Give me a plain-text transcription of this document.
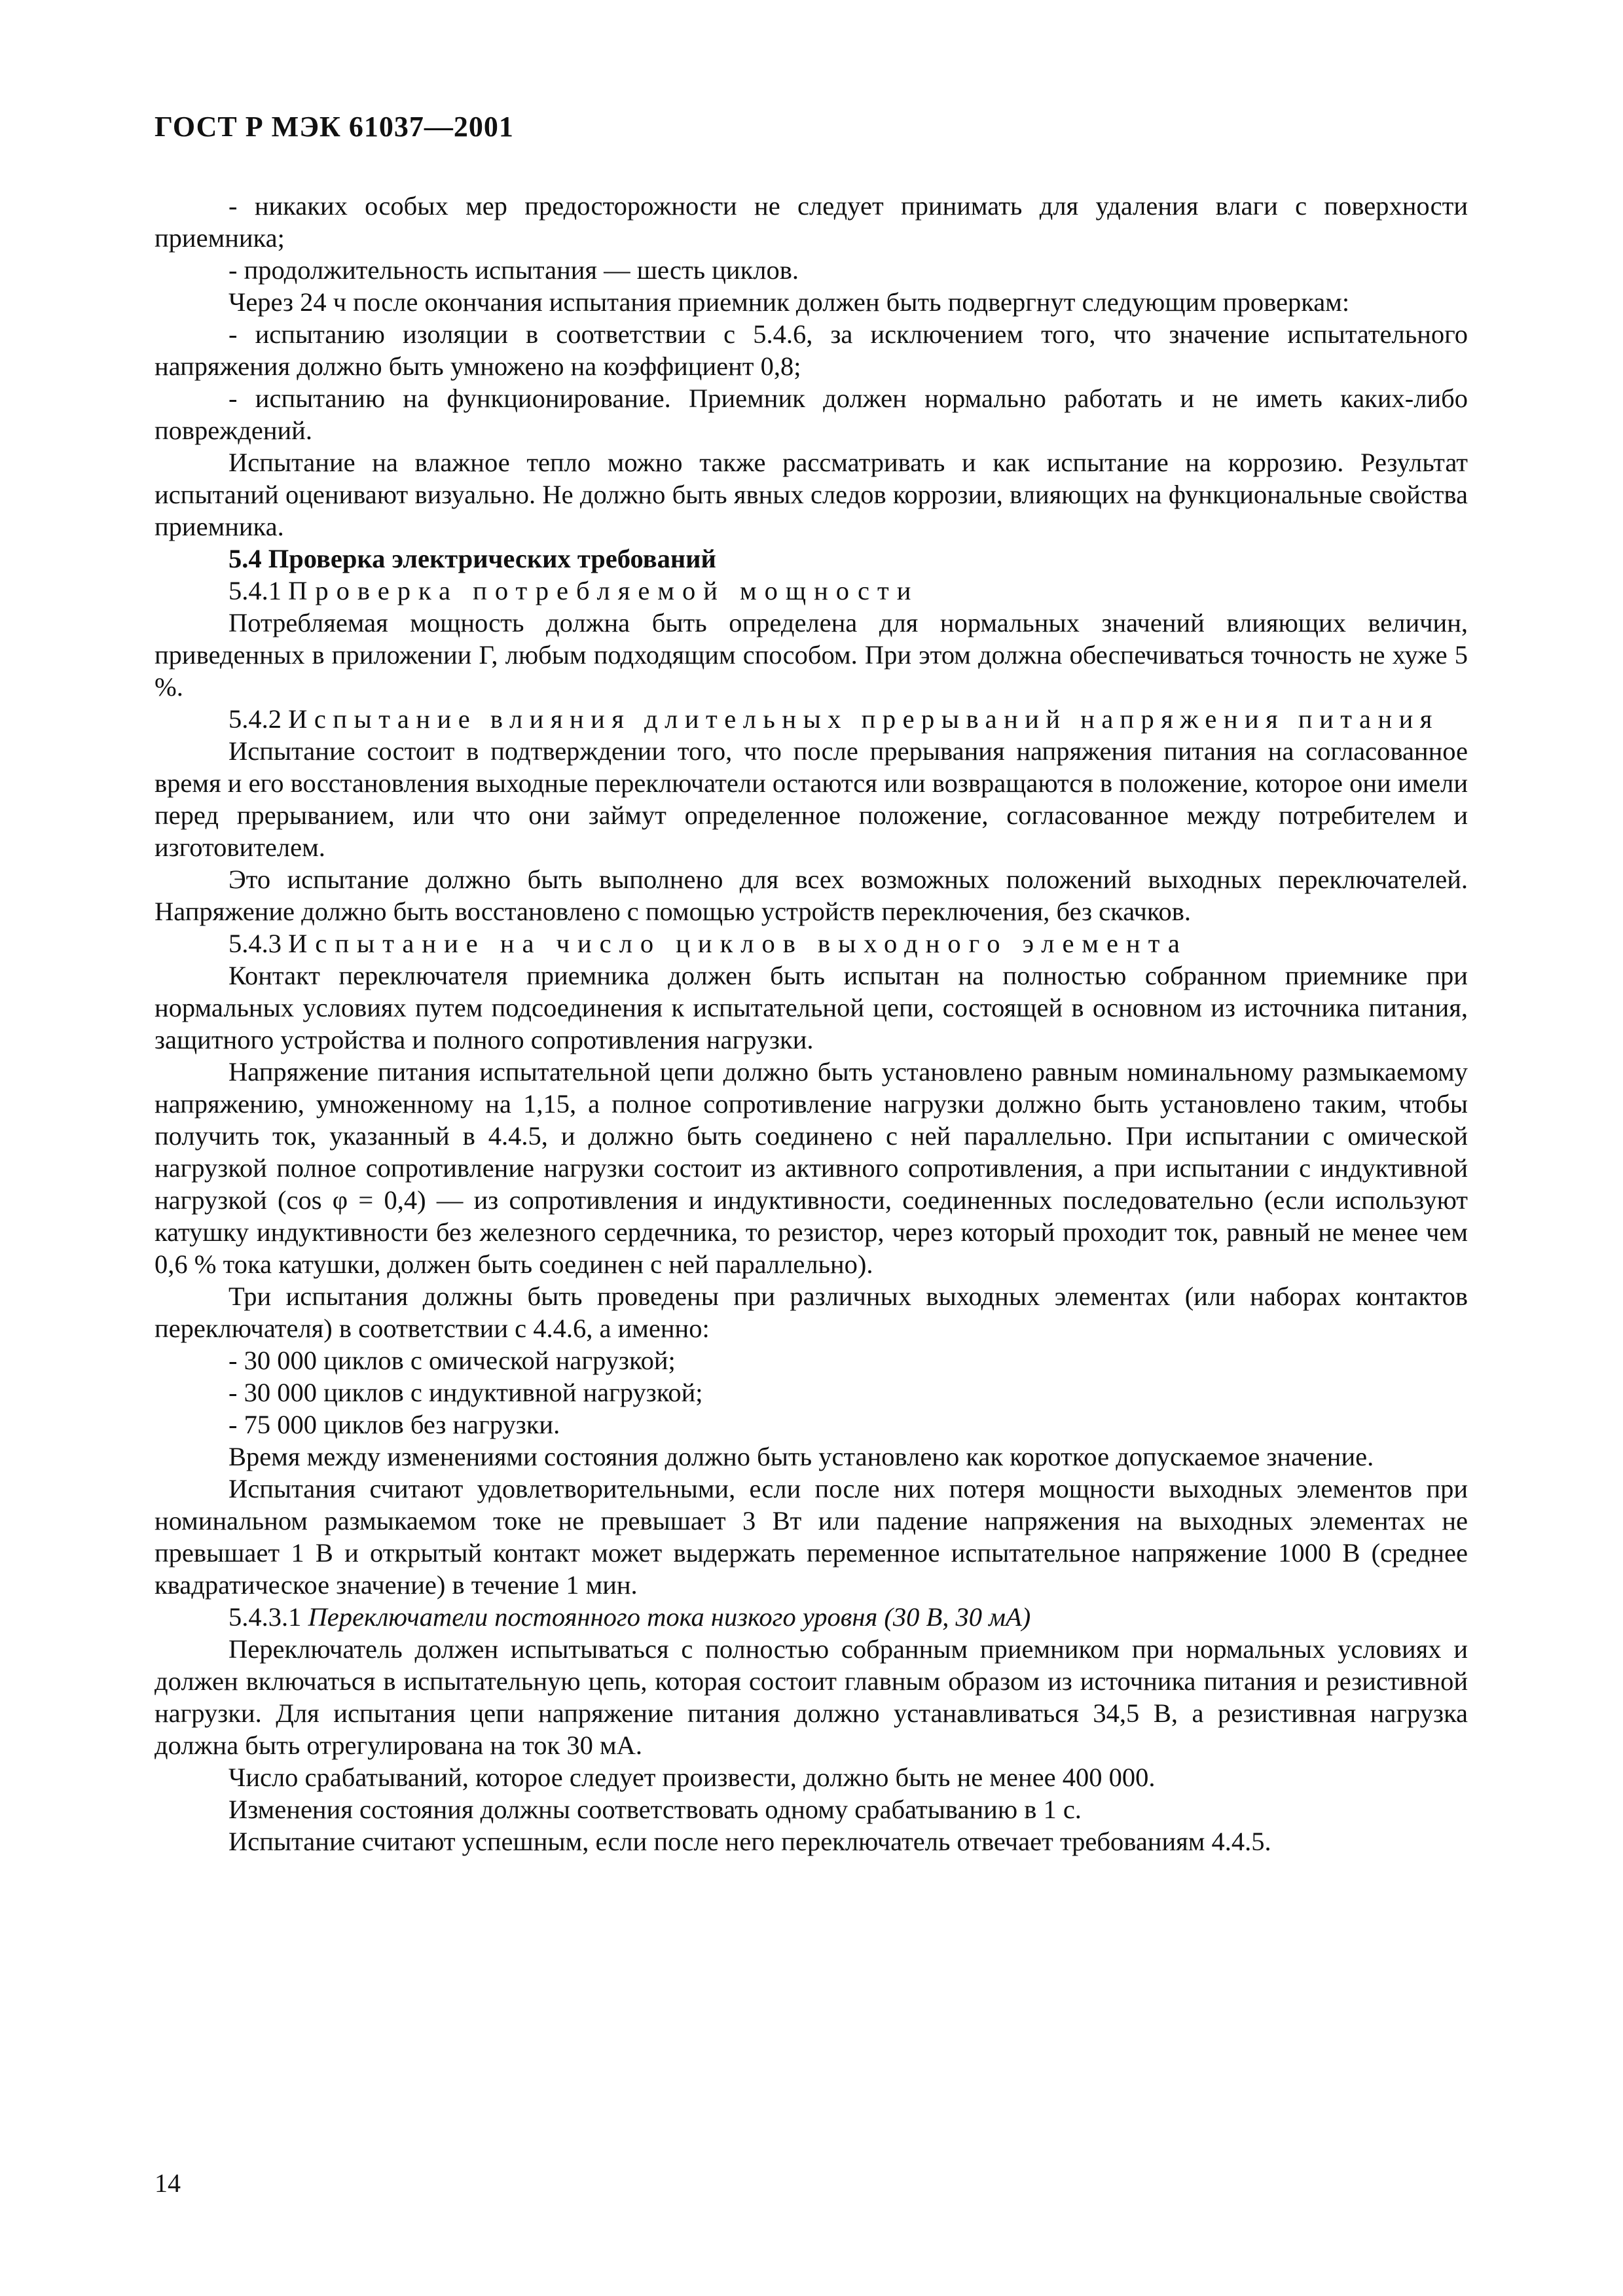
ГОСТ Р МЭК 61037—2001

- никаких особых мер предосторожности не следует принимать для удаления влаги с поверхности приемника;

- продолжительность испытания — шесть циклов.

Через 24 ч после окончания испытания приемник должен быть подвергнут следующим проверкам:

- испытанию изоляции в соответствии с 5.4.6, за исключением того, что значение испытательного напряжения должно быть умножено на коэффициент 0,8;

- испытанию на функционирование. Приемник должен нормально работать и не иметь каких-либо повреждений.

Испытание на влажное тепло можно также рассматривать и как испытание на коррозию. Результат испытаний оценивают визуально. Не должно быть явных следов коррозии, влияющих на функциональные свойства приемника.

5.4 Проверка электрических требований

5.4.1 Проверка потребляемой мощности

Потребляемая мощность должна быть определена для нормальных значений влияющих величин, приведенных в приложении Г, любым подходящим способом. При этом должна обеспечиваться точность не хуже 5 %.

5.4.2 Испытание влияния длительных прерываний напряжения питания

Испытание состоит в подтверждении того, что после прерывания напряжения питания на согласованное время и его восстановления выходные переключатели остаются или возвращаются в положение, которое они имели перед прерыванием, или что они займут определенное положение, согласованное между потребителем и изготовителем.

Это испытание должно быть выполнено для всех возможных положений выходных переключателей. Напряжение должно быть восстановлено с помощью устройств переключения, без скачков.

5.4.3 Испытание на число циклов выходного элемента

Контакт переключателя приемника должен быть испытан на полностью собранном приемнике при нормальных условиях путем подсоединения к испытательной цепи, состоящей в основном из источника питания, защитного устройства и полного сопротивления нагрузки.

Напряжение питания испытательной цепи должно быть установлено равным номинальному размыкаемому напряжению, умноженному на 1,15, а полное сопротивление нагрузки должно быть установлено таким, чтобы получить ток, указанный в 4.4.5, и должно быть соединено с ней параллельно. При испытании с омической нагрузкой полное сопротивление нагрузки состоит из активного сопротивления, а при испытании с индуктивной нагрузкой (cos φ = 0,4) — из сопротивления и индуктивности, соединенных последовательно (если используют катушку индуктивности без железного сердечника, то резистор, через который проходит ток, равный не менее чем 0,6 % тока катушки, должен быть соединен с ней параллельно).

Три испытания должны быть проведены при различных выходных элементах (или наборах контактов переключателя) в соответствии с 4.4.6, а именно:

- 30 000 циклов с омической нагрузкой;

- 30 000 циклов с индуктивной нагрузкой;

- 75 000 циклов без нагрузки.

Время между изменениями состояния должно быть установлено как короткое допускаемое значение.

Испытания считают удовлетворительными, если после них потеря мощности выходных элементов при номинальном размыкаемом токе не превышает 3 Вт или падение напряжения на выходных элементах не превышает 1 В и открытый контакт может выдержать переменное испытательное напряжение 1000 В (среднее квадратическое значение) в течение 1 мин.

5.4.3.1 Переключатели постоянного тока низкого уровня (30 В, 30 мА)

Переключатель должен испытываться с полностью собранным приемником при нормальных условиях и должен включаться в испытательную цепь, которая состоит главным образом из источника питания и резистивной нагрузки. Для испытания цепи напряжение питания должно устанавливаться 34,5 В, а резистивная нагрузка должна быть отрегулирована на ток 30 мА.

Число срабатываний, которое следует произвести, должно быть не менее 400 000.

Изменения состояния должны соответствовать одному срабатыванию в 1 с.

Испытание считают успешным, если после него переключатель отвечает требованиям 4.4.5.

14
